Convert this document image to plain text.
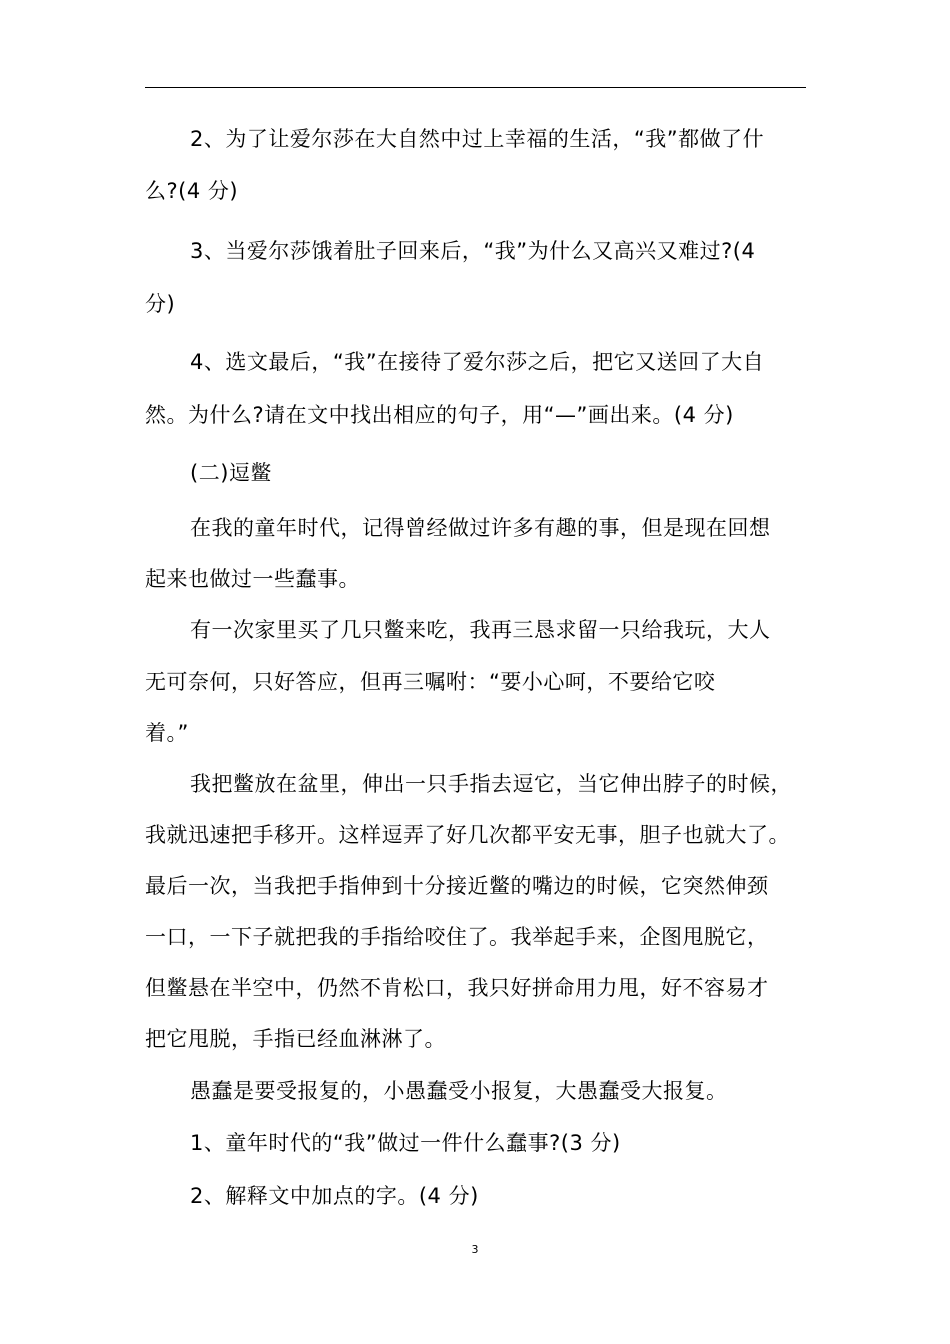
2、为了让爱尔莎在大自然中过上幸福的生活，“我”都做了什
么?(4 分)
3、当爱尔莎饿着肚子回来后，“我”为什么又高兴又难过?(4
分)
4、选文最后，“我”在接待了爱尔莎之后，把它又送回了大自
然。为什么?请在文中找出相应的句子，用“—”画出来。(4 分)
(二)逗鳖
在我的童年时代，记得曾经做过许多有趣的事，但是现在回想
起来也做过一些蠢事。
有一次家里买了几只鳖来吃，我再三恳求留一只给我玩，大人
无可奈何，只好答应，但再三嘱咐：“要小心呵，不要给它咬
着。”
我把鳖放在盆里，伸出一只手指去逗它，当它伸出脖子的时候，
我就迅速把手移开。这样逗弄了好几次都平安无事，胆子也就大了。
最后一次，当我把手指伸到十分接近鳖的嘴边的时候，它突然伸颈
一口，一下子就把我的手指给咬住了。我举起手来，企图甩脱它，
但鳖悬在半空中，仍然不肯松口，我只好拼命用力甩，好不容易才
把它甩脱，手指已经血淋淋了。
愚蠢是要受报复的，小愚蠢受小报复，大愚蠢受大报复。
1、童年时代的“我”做过一件什么蠢事?(3 分)
2、解释文中加点的字。(4 分)
3
